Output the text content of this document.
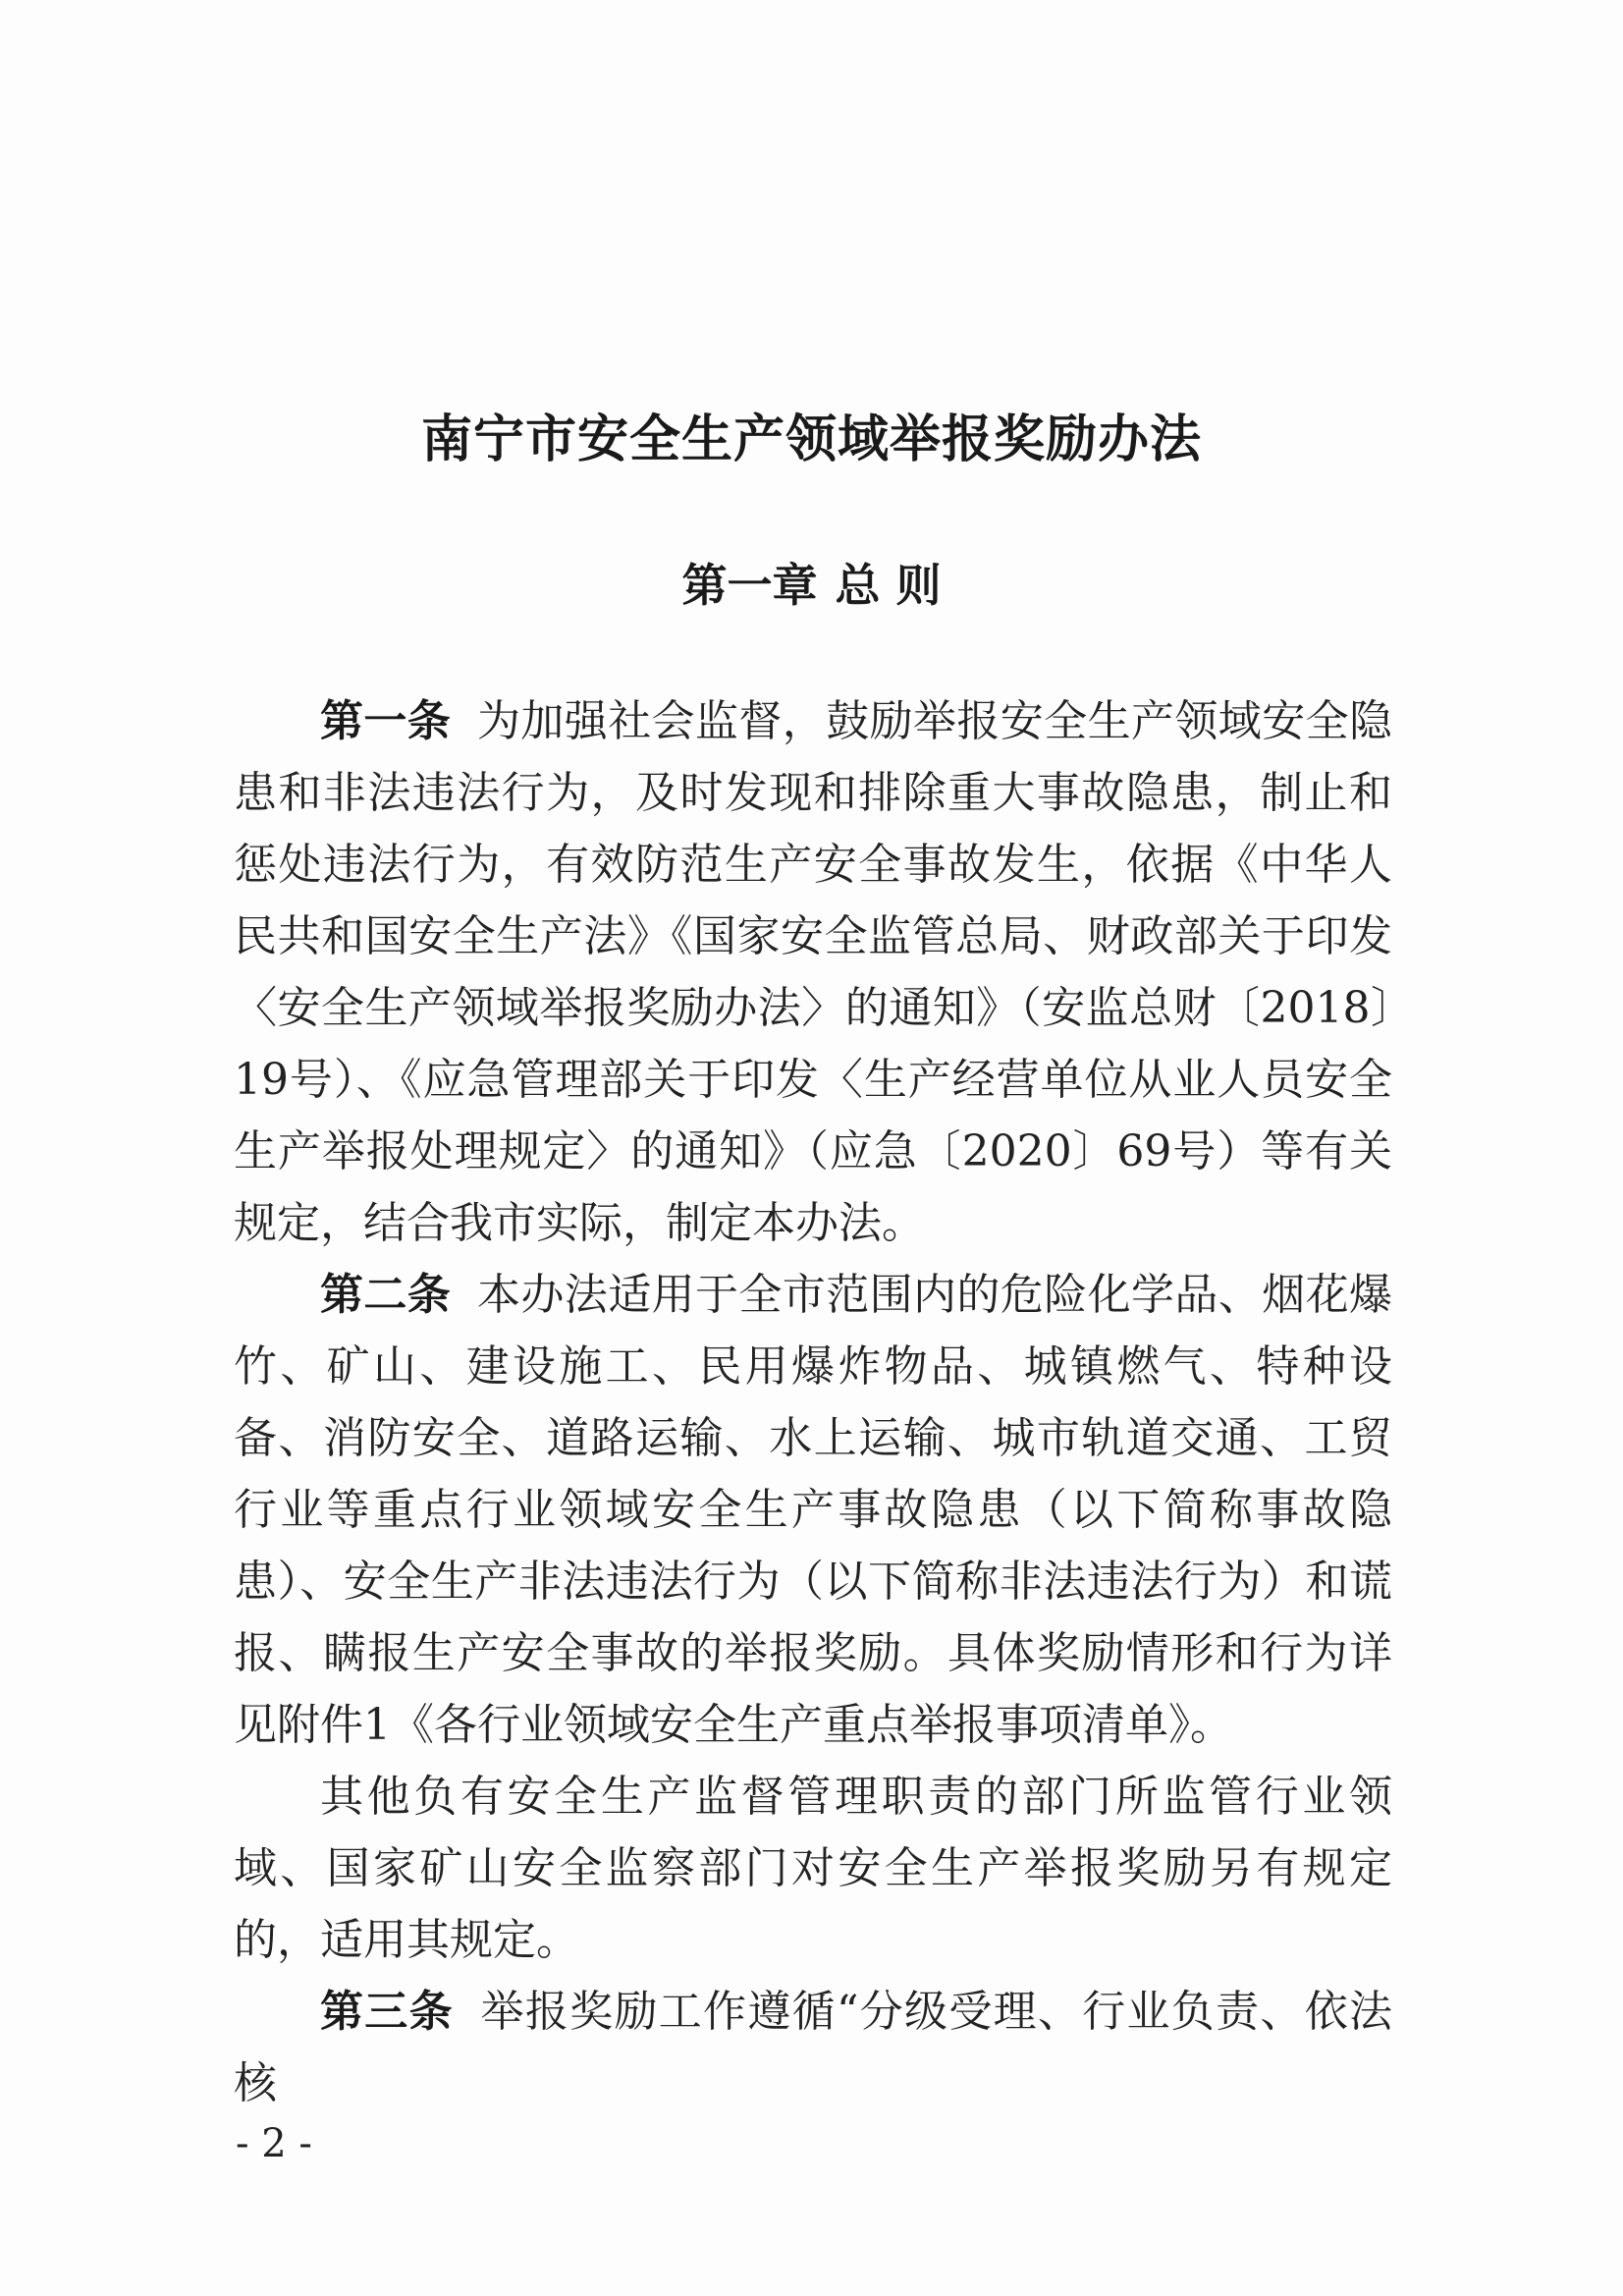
南宁市安全生产领域举报奖励办法
第一章 总 则

第一条 为加强社会监督，鼓励举报安全生产领域安全隐患和非法违法行为，及时发现和排除重大事故隐患，制止和惩处违法行为，有效防范生产安全事故发生，依据《中华人民共和国安全生产法》《国家安全监管总局、财政部关于印发〈安全生产领域举报奖励办法〉的通知》（安监总财〔2018〕19号）、《应急管理部关于印发〈生产经营单位从业人员安全生产举报处理规定〉的通知》（应急〔2020〕69号）等有关规定，结合我市实际，制定本办法。

第二条 本办法适用于全市范围内的危险化学品、烟花爆竹、矿山、建设施工、民用爆炸物品、城镇燃气、特种设备、消防安全、道路运输、水上运输、城市轨道交通、工贸行业等重点行业领域安全生产事故隐患（以下简称事故隐患）、安全生产非法违法行为（以下简称非法违法行为）和谎报、瞒报生产安全事故的举报奖励。具体奖励情形和行为详见附件1《各行业领域安全生产重点举报事项清单》。

其他负有安全生产监督管理职责的部门所监管行业领域、国家矿山安全监察部门对安全生产举报奖励另有规定的，适用其规定。

第三条 举报奖励工作遵循“分级受理、行业负责、依法核

- 2 -
